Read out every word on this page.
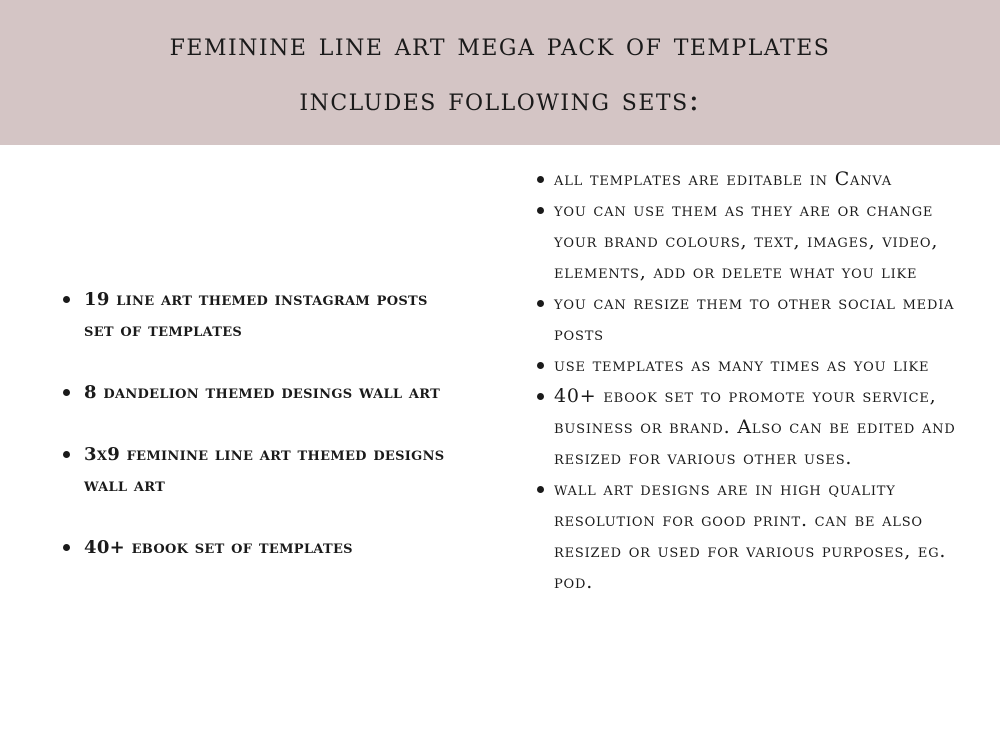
feminine line art mega pack of templates
includes following sets:
19 line art themed instagram posts set of templates
8 dandelion themed desings wall art
3x9 feminine line art themed designs wall art
40+ ebook set of templates
all templates are editable in Canva
you can use them as they are or change your brand colours, text, images, video, elements, add or delete what you like
you can resize them to other social media posts
use templates as many times as you like
40+ ebook set to promote your service, business or brand. Also can be edited and resized for various other uses.
wall art designs are in high quality resolution for good print. can be also resized or used for various purposes, eg. pod.
